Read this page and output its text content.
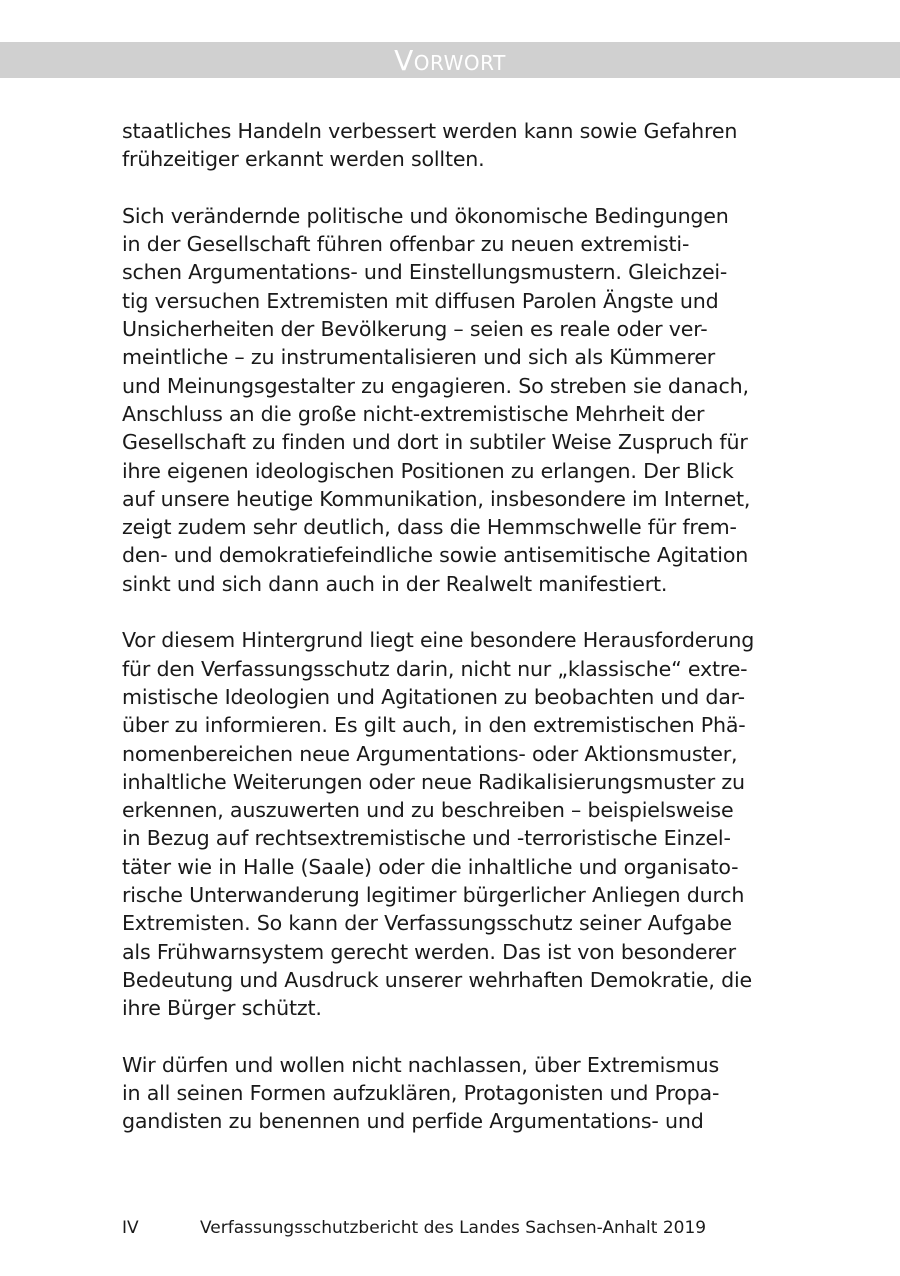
Vorwort

staatliches Handeln verbessert werden kann sowie Gefahren
frühzeitiger erkannt werden sollten.

Sich verändernde politische und ökonomische Bedingungen
in der Gesellschaft führen offenbar zu neuen extremisti-
schen Argumentations- und Einstellungsmustern. Gleichzei-
tig versuchen Extremisten mit diffusen Parolen Ängste und
Unsicherheiten der Bevölkerung – seien es reale oder ver-
meintliche – zu instrumentalisieren und sich als Kümmerer
und Meinungsgestalter zu engagieren. So streben sie danach,
Anschluss an die große nicht-extremistische Mehrheit der
Gesellschaft zu finden und dort in subtiler Weise Zuspruch für
ihre eigenen ideologischen Positionen zu erlangen. Der Blick
auf unsere heutige Kommunikation, insbesondere im Internet,
zeigt zudem sehr deutlich, dass die Hemmschwelle für frem-
den- und demokratiefeindliche sowie antisemitische Agitation
sinkt und sich dann auch in der Realwelt manifestiert.

Vor diesem Hintergrund liegt eine besondere Herausforderung
für den Verfassungsschutz darin, nicht nur „klassische“ extre-
mistische Ideologien und Agitationen zu beobachten und dar-
über zu informieren. Es gilt auch, in den extremistischen Phä-
nomenbereichen neue Argumentations- oder Aktionsmuster,
inhaltliche Weiterungen oder neue Radikalisierungsmuster zu
erkennen, auszuwerten und zu beschreiben – beispielsweise
in Bezug auf rechtsextremistische und -terroristische Einzel-
täter wie in Halle (Saale) oder die inhaltliche und organisato-
rische Unterwanderung legitimer bürgerlicher Anliegen durch
Extremisten. So kann der Verfassungsschutz seiner Aufgabe
als Frühwarnsystem gerecht werden. Das ist von besonderer
Bedeutung und Ausdruck unserer wehrhaften Demokratie, die
ihre Bürger schützt.

Wir dürfen und wollen nicht nachlassen, über Extremismus
in all seinen Formen aufzuklären, Protagonisten und Propa-
gandisten zu benennen und perfide Argumentations- und

IV	Verfassungsschutzbericht des Landes Sachsen-Anhalt 2019
